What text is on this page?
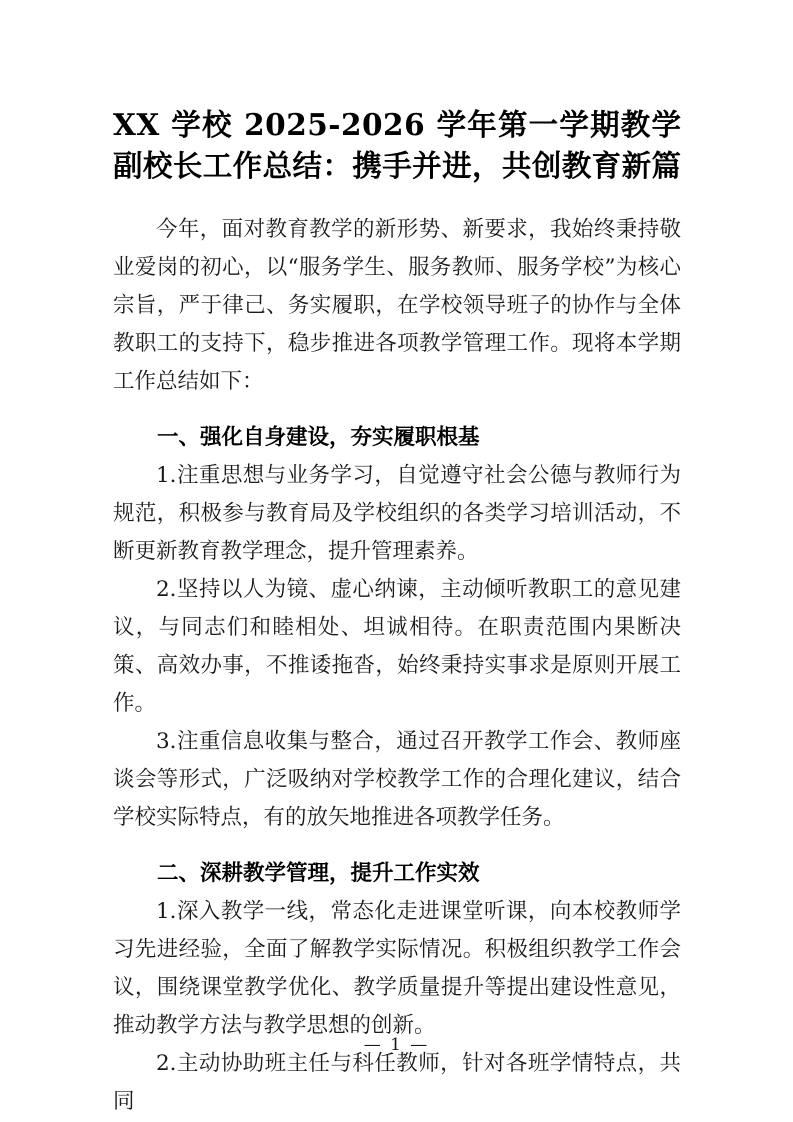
XX 学校 2025-2026 学年第一学期教学副校长工作总结：携手并进，共创教育新篇

今年，面对教育教学的新形势、新要求，我始终秉持敬业爱岗的初心，以“服务学生、服务教师、服务学校”为核心宗旨，严于律己、务实履职，在学校领导班子的协作与全体教职工的支持下，稳步推进各项教学管理工作。现将本学期工作总结如下：

一、强化自身建设，夯实履职根基

1.注重思想与业务学习，自觉遵守社会公德与教师行为规范，积极参与教育局及学校组织的各类学习培训活动，不断更新教育教学理念，提升管理素养。

2.坚持以人为镜、虚心纳谏，主动倾听教职工的意见建议，与同志们和睦相处、坦诚相待。在职责范围内果断决策、高效办事，不推诿拖沓，始终秉持实事求是原则开展工作。

3.注重信息收集与整合，通过召开教学工作会、教师座谈会等形式，广泛吸纳对学校教学工作的合理化建议，结合学校实际特点，有的放矢地推进各项教学任务。

二、深耕教学管理，提升工作实效

1.深入教学一线，常态化走进课堂听课，向本校教师学习先进经验，全面了解教学实际情况。积极组织教学工作会议，围绕课堂教学优化、教学质量提升等提出建设性意见，推动教学方法与教学思想的创新。

2.主动协助班主任与科任教师，针对各班学情特点，共同

— 1 —
